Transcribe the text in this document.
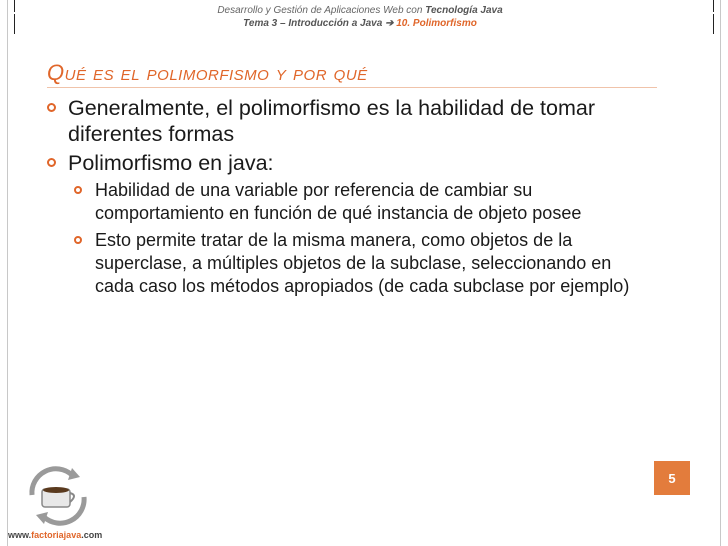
Desarrollo y Gestión de Aplicaciones Web con Tecnología Java
Tema 3 – Introducción a Java ➔ 10. Polimorfismo
Qué es el polimorfismo y por qué
Generalmente, el polimorfismo es la habilidad de tomar diferentes formas
Polimorfismo en java:
Habilidad de una variable por referencia de cambiar su comportamiento en función de qué instancia de objeto posee
Esto permite tratar de la misma manera, como objetos de la superclase, a múltiples objetos de la subclase, seleccionando en cada caso los métodos apropiados (de cada subclase por ejemplo)
5
www.factoriajava.com
